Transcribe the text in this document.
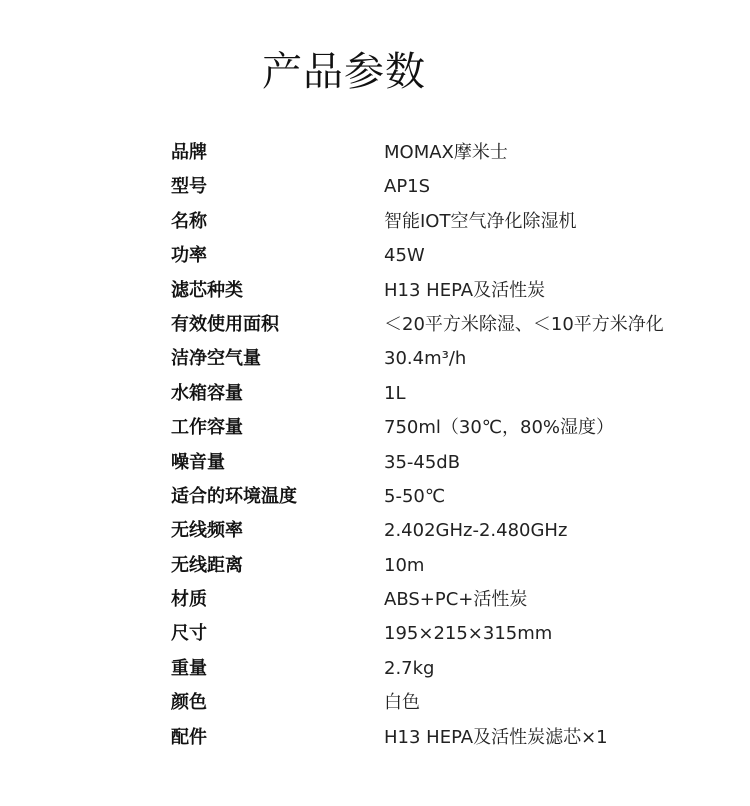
产品参数
品牌	MOMAX摩米士
型号	AP1S
名称	智能IOT空气净化除湿机
功率	45W
滤芯种类	H13 HEPA及活性炭
有效使用面积	＜20平方米除湿、＜10平方米净化
洁净空气量	30.4m³/h
水箱容量	1L
工作容量	750ml（30℃，80%湿度）
噪音量	35-45dB
适合的环境温度	5-50℃
无线频率	2.402GHz-2.480GHz
无线距离	10m
材质	ABS+PC+活性炭
尺寸	195×215×315mm
重量	2.7kg
颜色	白色
配件	H13 HEPA及活性炭滤芯×1
